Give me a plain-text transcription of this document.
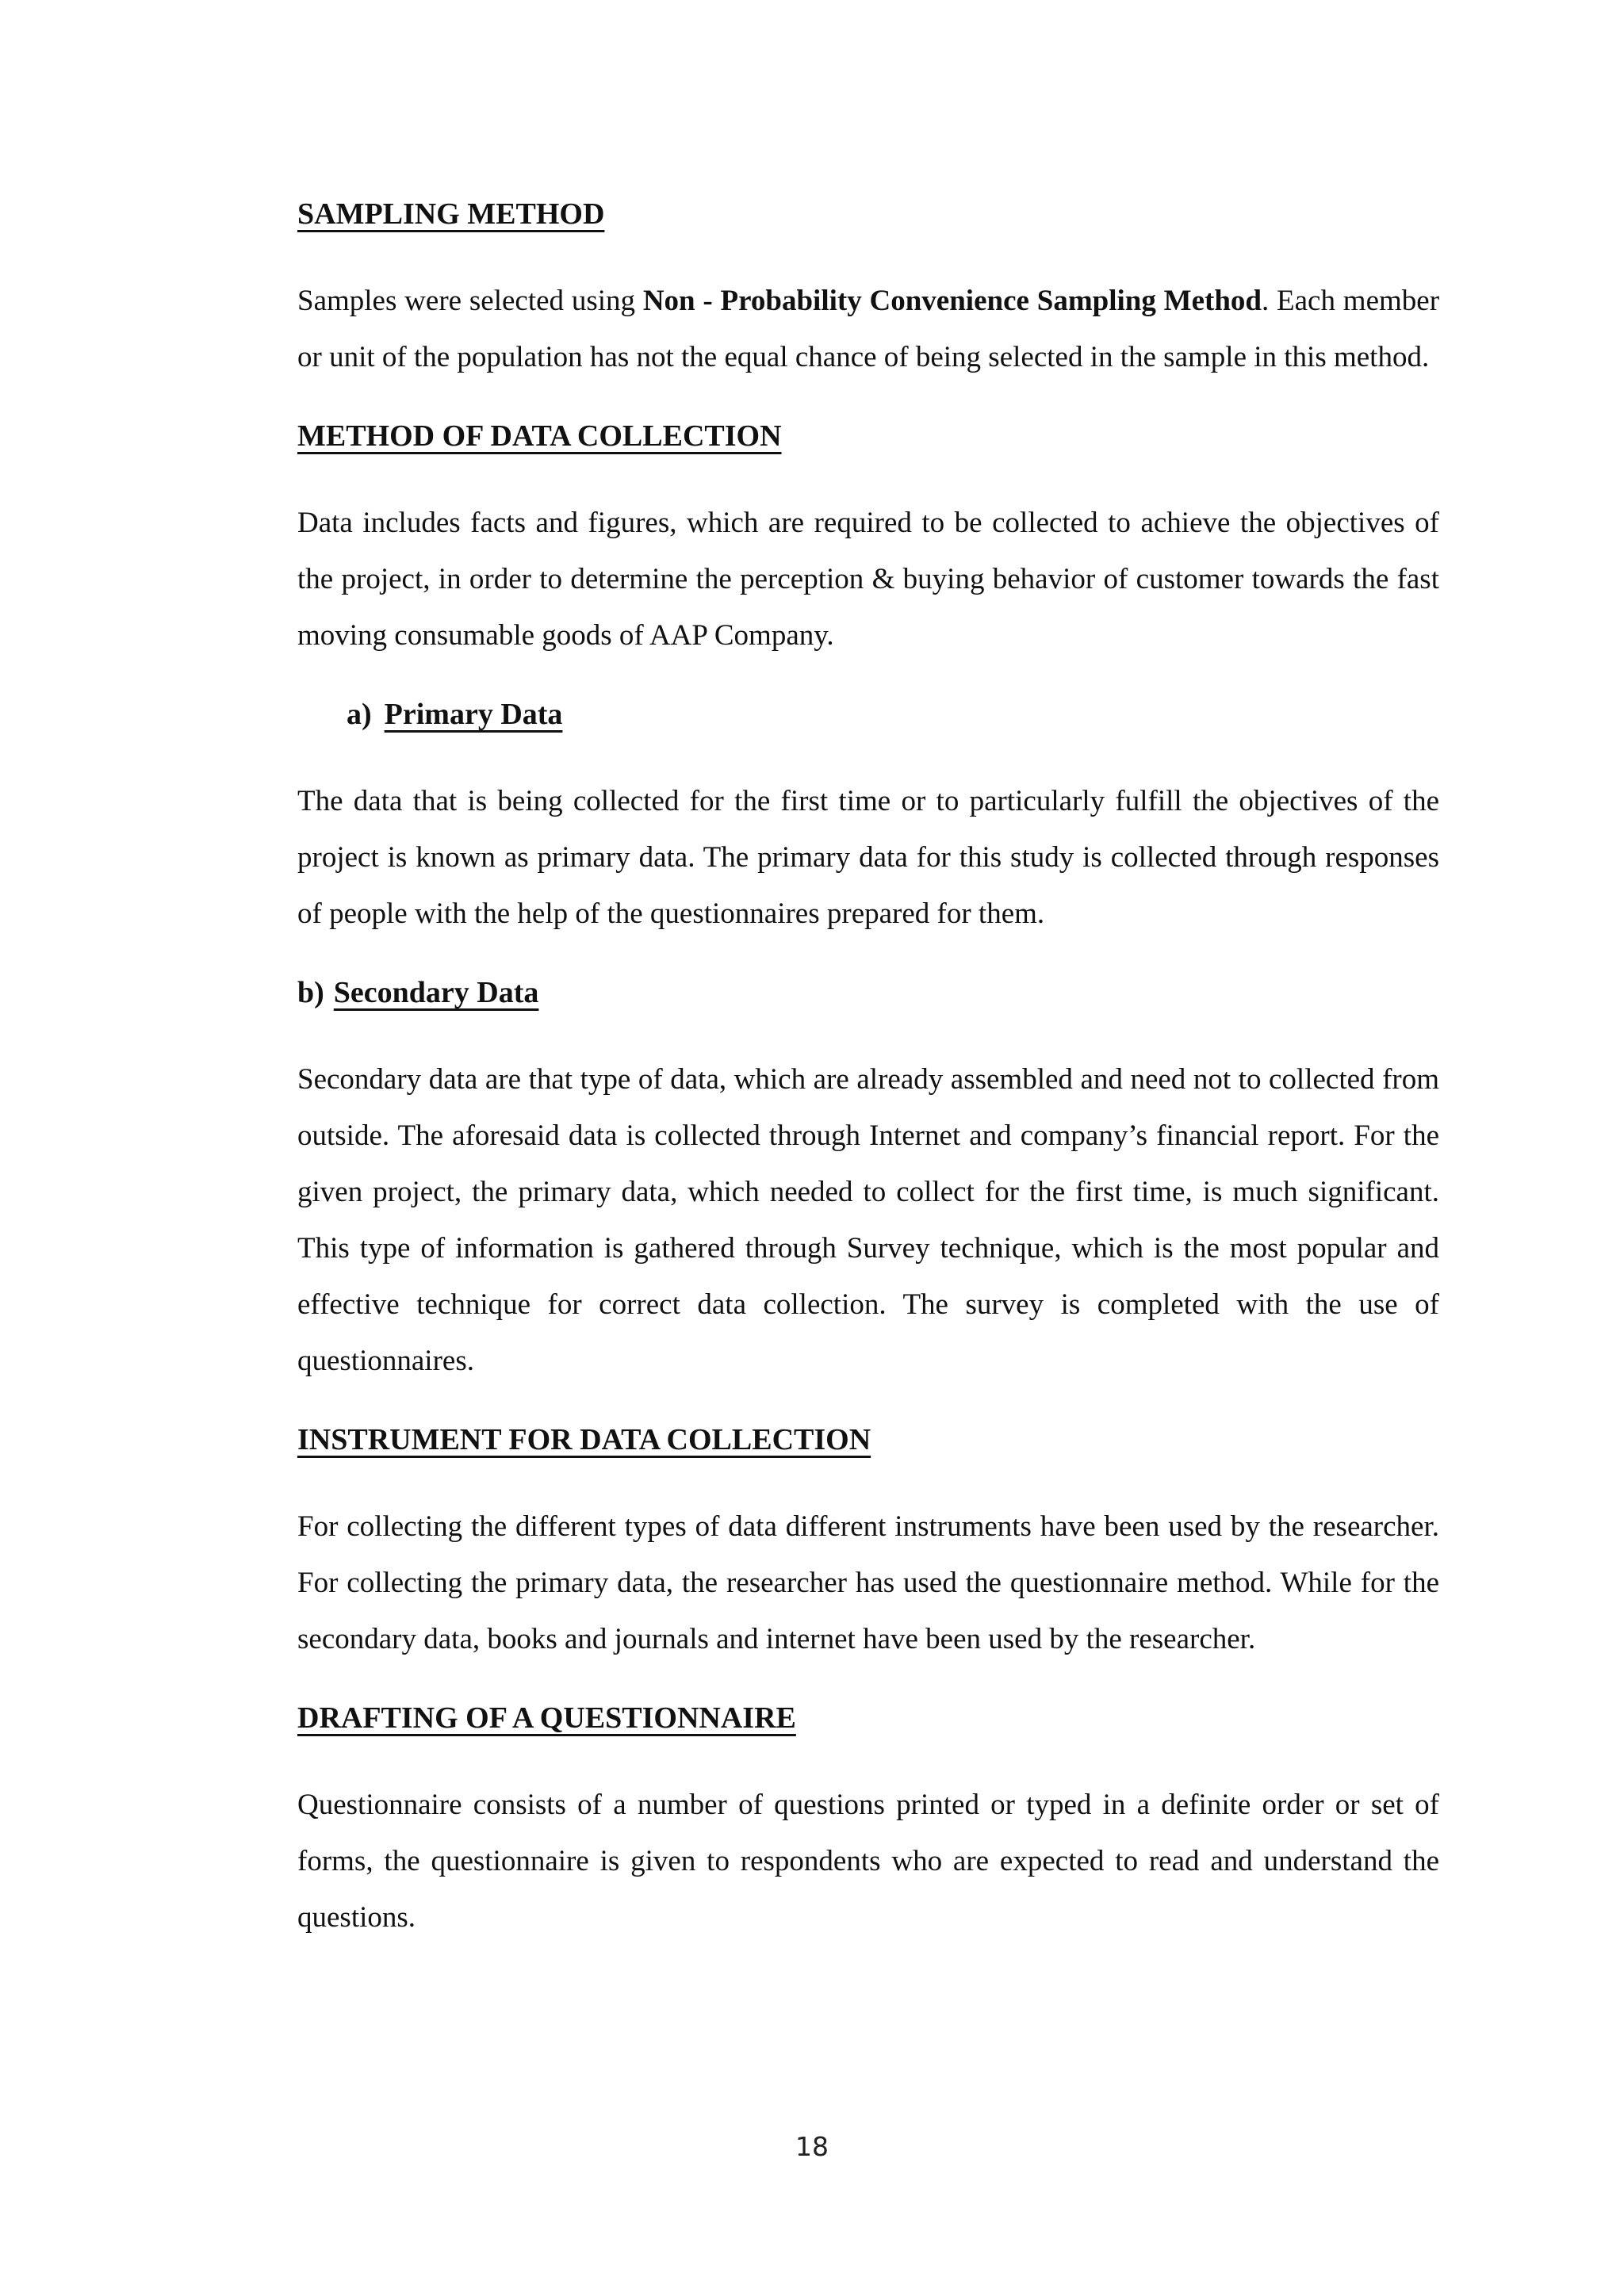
SAMPLING METHOD

Samples were selected using Non - Probability Convenience Sampling Method. Each member or unit of the population has not the equal chance of being selected in the sample in this method.

METHOD OF DATA COLLECTION

Data includes facts and figures, which are required to be collected to achieve the objectives of the project, in order to determine the perception & buying behavior of customer towards the fast moving consumable goods of AAP Company.

a) Primary Data

The data that is being collected for the first time or to particularly fulfill the objectives of the project is known as primary data. The primary data for this study is collected through responses of people with the help of the questionnaires prepared for them.

b) Secondary Data

Secondary data are that type of data, which are already assembled and need not to collected from outside. The aforesaid data is collected through Internet and company’s financial report. For the given project, the primary data, which needed to collect for the first time, is much significant. This type of information is gathered through Survey technique, which is the most popular and effective technique for correct data collection. The survey is completed with the use of questionnaires.

INSTRUMENT FOR DATA COLLECTION

For collecting the different types of data different instruments have been used by the researcher. For collecting the primary data, the researcher has used the questionnaire method. While for the secondary data, books and journals and internet have been used by the researcher.

DRAFTING OF A QUESTIONNAIRE

Questionnaire consists of a number of questions printed or typed in a definite order or set of forms, the questionnaire is given to respondents who are expected to read and understand the questions.

18
